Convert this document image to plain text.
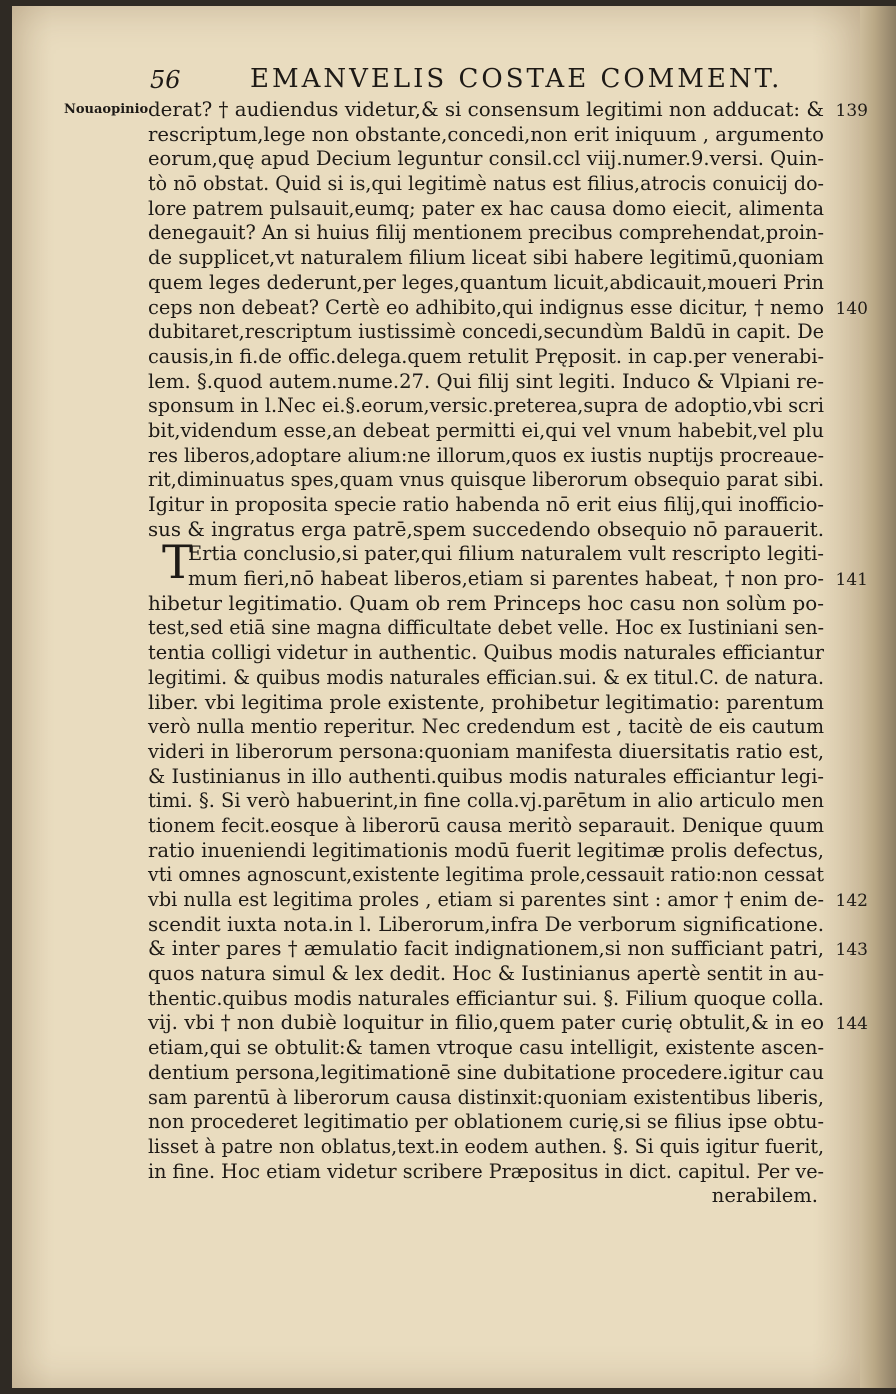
56	EMANVELIS COSTAE COMMENT.
Nouaopinio derat? † audiendus videtur,& si consensum legitimi non adducat: & 139
rescriptum,lege non obstante,concedi,non erit iniquum , argumento
eorum,quę apud Decium leguntur consil.ccl viij.numer.9.versi. Quin-
tò nō obstat. Quid si is,qui legitimè natus est filius,atrocis conuicij do-
lore patrem pulsauit,eumq; pater ex hac causa domo eiecit, alimenta
denegauit? An si huius filij mentionem precibus comprehendat,proin-
de supplicet,vt naturalem filium liceat sibi habere legitimū,quoniam
quem leges dederunt,per leges,quantum licuit,abdicauit,moueri Prin
ceps non debeat? Certè eo adhibito,qui indignus esse dicitur, † nemo 140
dubitaret,rescriptum iustissimè concedi,secundùm Baldū in capit. De
causis,in fi.de offic.delega.quem retulit Pręposit. in cap.per venerabi-
lem. §.quod autem.nume.27. Qui filij sint legiti. Induco & Vlpiani re-
sponsum in l.Nec ei.§.eorum,versic.preterea,supra de adoptio,vbi scri
bit,videndum esse,an debeat permitti ei,qui vel vnum habebit,vel plu
res liberos,adoptare alium:ne illorum,quos ex iustis nuptijs procreaue-
rit,diminuatus spes,quam vnus quisque liberorum obsequio parat sibi.
Igitur in proposita specie ratio habenda nō erit eius filij,qui inofficio-
sus & ingratus erga patrē,spem succedendo obsequio nō parauerit.
T
Ertia conclusio,si pater,qui filium naturalem vult rescripto legiti-
mum fieri,nō habeat liberos,etiam si parentes habeat, † non pro- 141
hibetur legitimatio. Quam ob rem Princeps hoc casu non solùm po-
test,sed etiā sine magna difficultate debet velle. Hoc ex Iustiniani sen-
tentia colligi videtur in authentic. Quibus modis naturales efficiantur
legitimi. & quibus modis naturales effician.sui. & ex titul.C. de natura.
liber. vbi legitima prole existente, prohibetur legitimatio: parentum
verò nulla mentio reperitur. Nec credendum est , tacitè de eis cautum
videri in liberorum persona:quoniam manifesta diuersitatis ratio est,
& Iustinianus in illo authenti.quibus modis naturales efficiantur legi-
timi. §. Si verò habuerint,in fine colla.vj.parētum in alio articulo men
tionem fecit.eosque à liberorū causa meritò separauit. Denique quum
ratio inueniendi legitimationis modū fuerit legitimæ prolis defectus,
vti omnes agnoscunt,existente legitima prole,cessauit ratio:non cessat
vbi nulla est legitima proles , etiam si parentes sint : amor † enim de- 142
scendit iuxta nota.in l. Liberorum,infra De verborum significatione.
& inter pares † æmulatio facit indignationem,si non sufficiant patri, 143
quos natura simul & lex dedit. Hoc & Iustinianus apertè sentit in au-
thentic.quibus modis naturales efficiantur sui. §. Filium quoque colla.
vij. vbi † non dubiè loquitur in filio,quem pater curię obtulit,& in eo 144
etiam,qui se obtulit:& tamen vtroque casu intelligit, existente ascen-
dentium persona,legitimationē sine dubitatione procedere.igitur cau
sam parentū à liberorum causa distinxit:quoniam existentibus liberis,
non procederet legitimatio per oblationem curię,si se filius ipse obtu-
lisset à patre non oblatus,text.in eodem authen. §. Si quis igitur fuerit,
in fine. Hoc etiam videtur scribere Præpositus in dict. capitul. Per ve-
nerabilem.
